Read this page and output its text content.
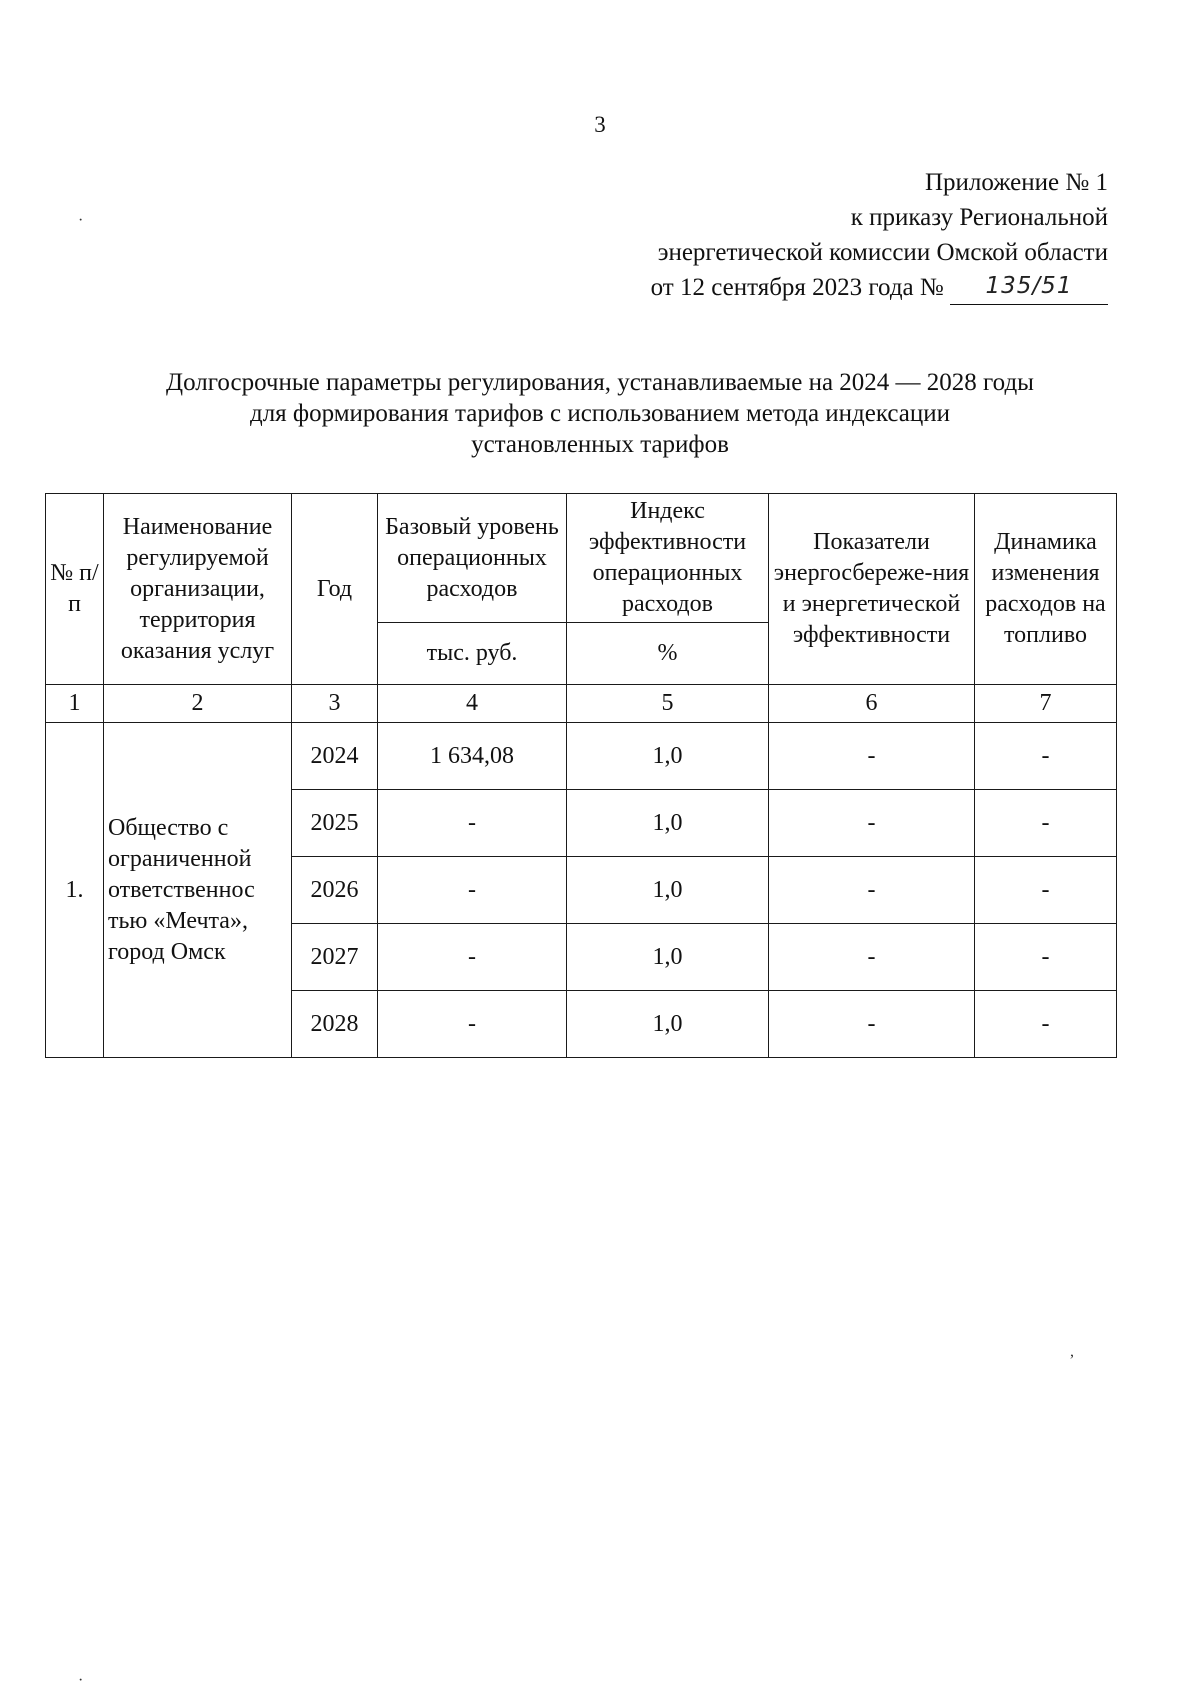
3
Приложение № 1
к приказу Региональной
энергетической комиссии Омской области
от 12 сентября 2023 года № 135/51
Долгосрочные параметры регулирования, устанавливаемые на 2024 — 2028 годы
для формирования тарифов с использованием метода индексации
установленных тарифов
№ п/п	Наименование регулируемой организации, территория оказания услуг	Год	Базовый уровень операционных расходов	Индекс эффективности операционных расходов	Показатели энергосбереже-ния и энергетической эффективности	Динамика изменения расходов на топливо
			тыс. руб.	%		
1	2	3	4	5	6	7
1.	Общество с ограниченной ответственнос тью «Мечта», город Омск	2024	1 634,08	1,0	-	-
		2025	-	1,0	-	-
		2026	-	1,0	-	-
		2027	-	1,0	-	-
		2028	-	1,0	-	-
·
,
·
